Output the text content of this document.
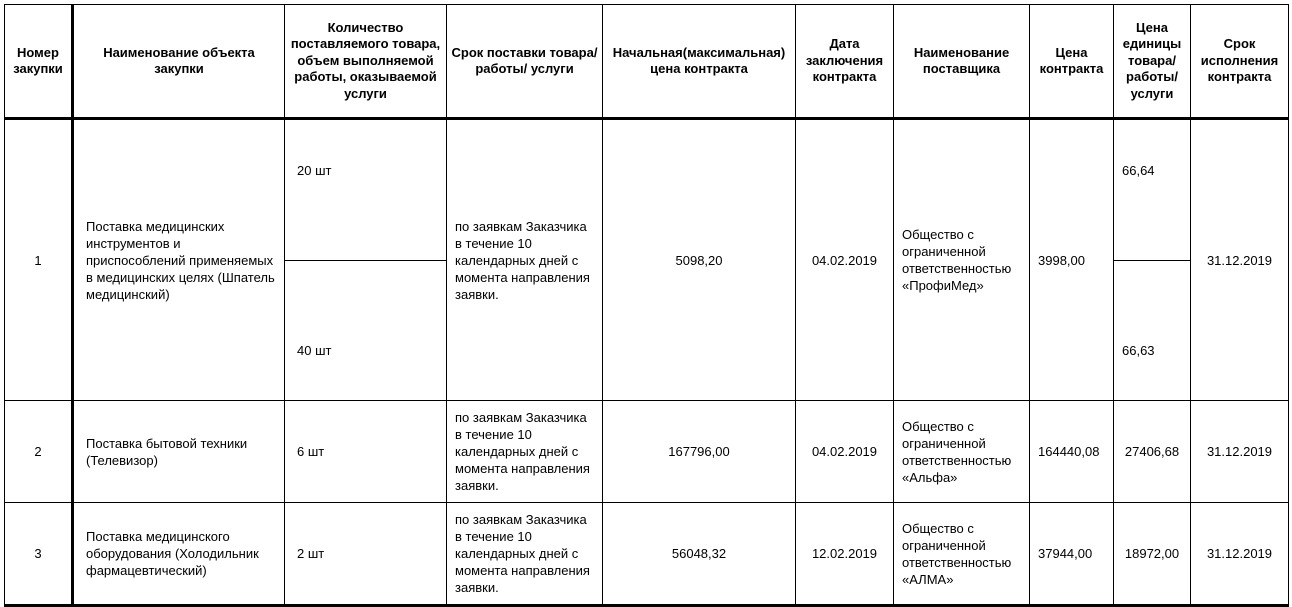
Номер закупки	Наименование объекта закупки	Количество поставляемого товара, объем выполняемой работы, оказываемой услуги	Срок поставки товара/работы/ услуги	Начальная(максимальная) цена контракта	Дата заключения контракта	Наименование поставщика	Цена контракта	Цена единицы товара/ работы/ услуги	Срок исполнения контракта
1	Поставка медицинских инструментов и приспособлений применяемых в медицинских целях (Шпатель медицинский)	20 шт	по заявкам Заказчика в течение 10 календарных дней с момента направления заявки.	5098,20	04.02.2019	Общество с ограниченной ответственностью «ПрофиМед»	3998,00	66,64	31.12.2019
		40 шт						66,63	
2	Поставка бытовой техники (Телевизор)	6 шт	по заявкам Заказчика в течение 10 календарных дней с момента направления заявки.	167796,00	04.02.2019	Общество с ограниченной ответственностью «Альфа»	164440,08	27406,68	31.12.2019
3	Поставка медицинского оборудования (Холодильник фармацевтический)	2 шт	по заявкам Заказчика в течение 10 календарных дней с момента направления заявки.	56048,32	12.02.2019	Общество с ограниченной ответственностью «АЛМА»	37944,00	18972,00	31.12.2019
